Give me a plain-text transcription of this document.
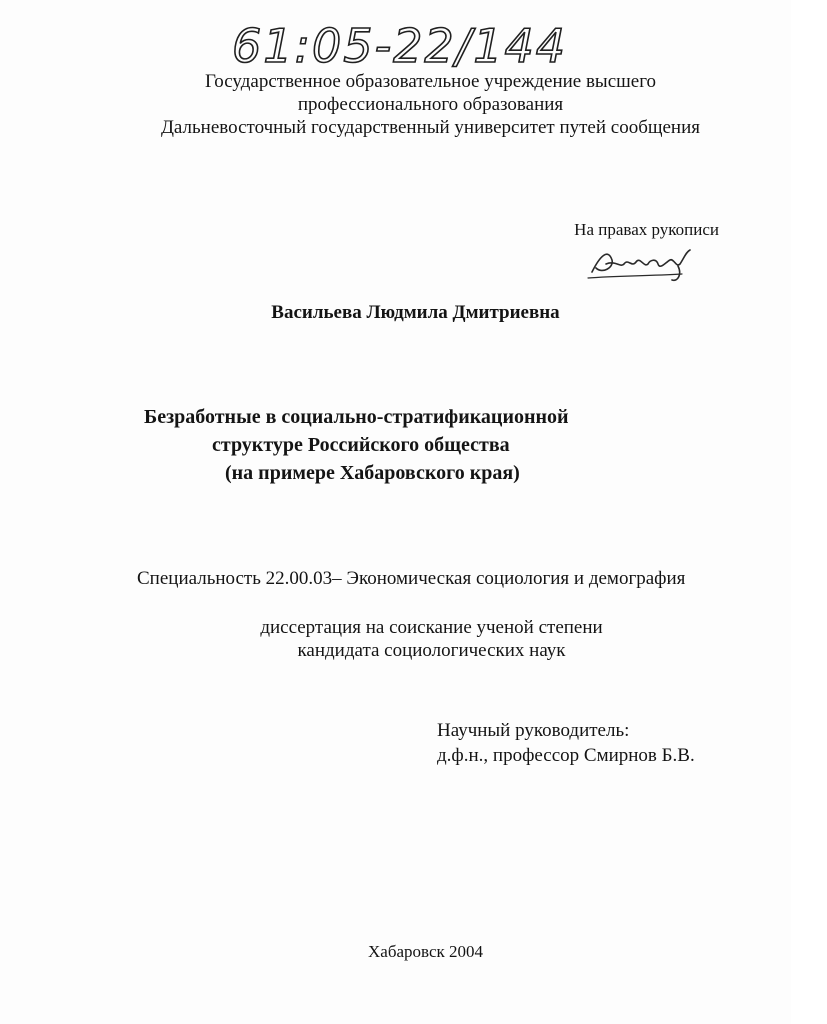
61:05-22/144
Государственное образовательное учреждение высшего
профессионального образования
Дальневосточный государственный университет путей сообщения
На правах рукописи
Васильева Людмила Дмитриевна
Безработные в социально-стратификационной
структуре Российского общества
(на примере Хабаровского края)
Специальность 22.00.03– Экономическая социология и демография
диссертация на соискание ученой степени
кандидата социологических наук
Научный руководитель:
д.ф.н., профессор Смирнов Б.В.
Хабаровск 2004
